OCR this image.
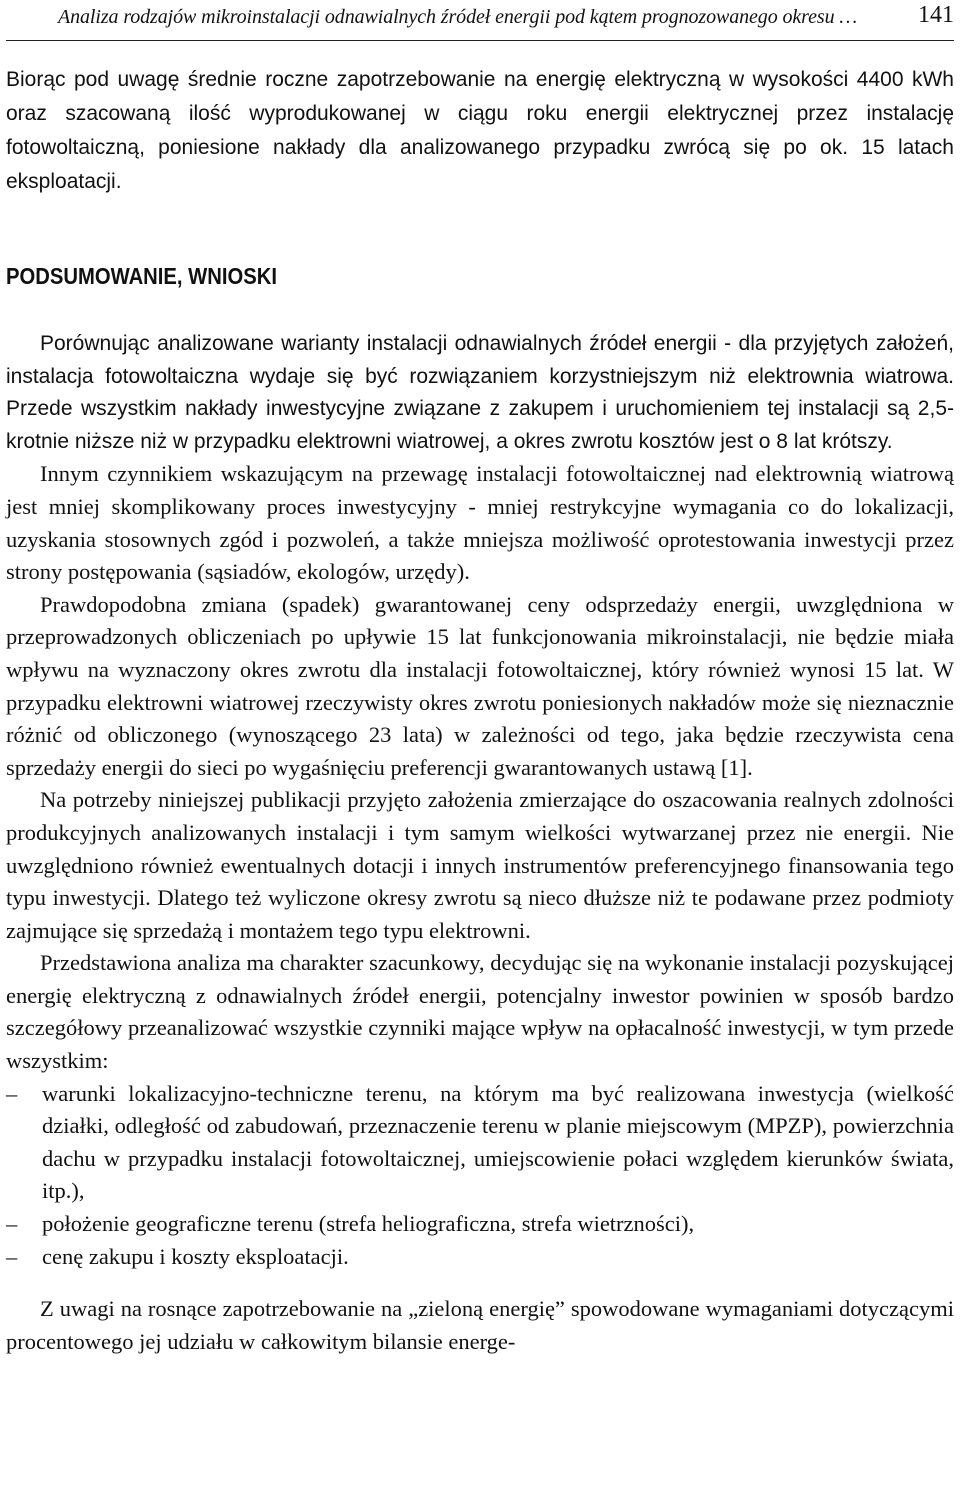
Analiza rodzajów mikroinstalacji odnawialnych źródeł energii pod kątem prognozowanego okresu …	141

Biorąc pod uwagę średnie roczne zapotrzebowanie na energię elektryczną w wysokości 4400 kWh oraz szacowaną ilość wyprodukowanej w ciągu roku energii elektrycznej przez instalację fotowoltaiczną, poniesione nakłady dla analizowanego przypadku zwrócą się po ok. 15 latach eksploatacji.

PODSUMOWANIE, WNIOSKI

Porównując analizowane warianty instalacji odnawialnych źródeł energii - dla przyjętych założeń, instalacja fotowoltaiczna wydaje się być rozwiązaniem korzystniejszym niż elektrownia wiatrowa. Przede wszystkim nakłady inwestycyjne związane z zakupem i uruchomieniem tej instalacji są 2,5-krotnie niższe niż w przypadku elektrowni wiatrowej, a okres zwrotu kosztów jest o 8 lat krótszy.

Innym czynnikiem wskazującym na przewagę instalacji fotowoltaicznej nad elektrownią wiatrową jest mniej skomplikowany proces inwestycyjny - mniej restrykcyjne wymagania co do lokalizacji, uzyskania stosownych zgód i pozwoleń, a także mniejsza możliwość oprotestowania inwestycji przez strony postępowania (sąsiadów, ekologów, urzędy).

Prawdopodobna zmiana (spadek) gwarantowanej ceny odsprzedaży energii, uwzględniona w przeprowadzonych obliczeniach po upływie 15 lat funkcjonowania mikroinstalacji, nie będzie miała wpływu na wyznaczony okres zwrotu dla instalacji fotowoltaicznej, który również wynosi 15 lat. W przypadku elektrowni wiatrowej rzeczywisty okres zwrotu poniesionych nakładów może się nieznacznie różnić od obliczonego (wynoszącego 23 lata) w zależności od tego, jaka będzie rzeczywista cena sprzedaży energii do sieci po wygaśnięciu preferencji gwarantowanych ustawą [1].

Na potrzeby niniejszej publikacji przyjęto założenia zmierzające do oszacowania realnych zdolności produkcyjnych analizowanych instalacji i tym samym wielkości wytwarzanej przez nie energii. Nie uwzględniono również ewentualnych dotacji i innych instrumentów preferencyjnego finansowania tego typu inwestycji. Dlatego też wyliczone okresy zwrotu są nieco dłuższe niż te podawane przez podmioty zajmujące się sprzedażą i montażem tego typu elektrowni.

Przedstawiona analiza ma charakter szacunkowy, decydując się na wykonanie instalacji pozyskującej energię elektryczną z odnawialnych źródeł energii, potencjalny inwestor powinien w sposób bardzo szczegółowy przeanalizować wszystkie czynniki mające wpływ na opłacalność inwestycji, w tym przede wszystkim:

– warunki lokalizacyjno-techniczne terenu, na którym ma być realizowana inwestycja (wielkość działki, odległość od zabudowań, przeznaczenie terenu w planie miejscowym (MPZP), powierzchnia dachu w przypadku instalacji fotowoltaicznej, umiejscowienie połaci względem kierunków świata, itp.),
– położenie geograficzne terenu (strefa heliograficzna, strefa wietrzności),
– cenę zakupu i koszty eksploatacji.

Z uwagi na rosnące zapotrzebowanie na „zieloną energię” spowodowane wymaganiami dotyczącymi procentowego jej udziału w całkowitym bilansie energe-
